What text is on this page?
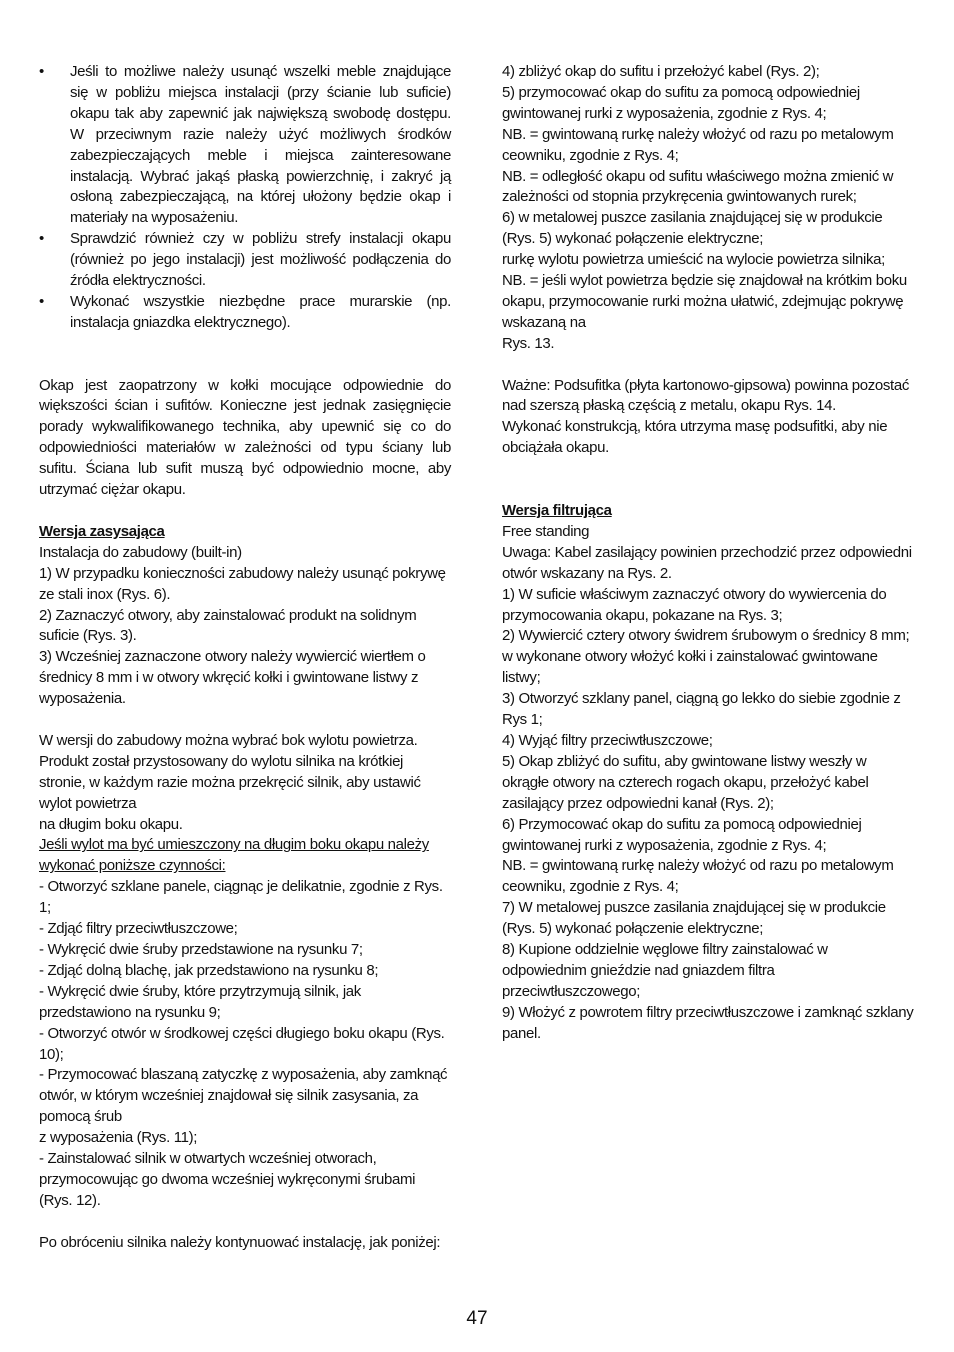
• Jeśli to możliwe należy usunąć wszelki meble znajdujące się w pobliżu miejsca instalacji (przy ścianie lub suficie) okapu tak aby zapewnić jak największą swobodę dostępu. W przeciwnym razie należy użyć możliwych środków zabezpieczających meble i miejsca zainteresowane instalacją. Wybrać jakąś płaską powierzchnię, i zakryć ją osłoną zabezpieczającą, na której ułożony będzie okap i materiały na wyposażeniu.
• Sprawdzić również czy w pobliżu strefy instalacji okapu (również po jego instalacji) jest możliwość podłączenia do źródła elektryczności.
• Wykonać wszystkie niezbędne prace murarskie (np. instalacja gniazdka elektrycznego).

Okap jest zaopatrzony w kołki mocujące odpowiednie do większości ścian i sufitów. Konieczne jest jednak zasięgnięcie porady wykwalifikowanego technika, aby upewnić się co do odpowiedniości materiałów w zależności od typu ściany lub sufitu. Ściana lub sufit muszą być odpowiednio mocne, aby utrzymać ciężar okapu.

Wersja zasysająca

Instalacja do zabudowy (built-in)

1) W przypadku konieczności zabudowy należy usunąć pokrywę ze stali inox (Rys. 6).

2) Zaznaczyć otwory, aby zainstalować produkt na solidnym suficie (Rys. 3).

3) Wcześniej zaznaczone otwory należy wywiercić wiertłem o średnicy 8 mm i w otwory wkręcić kołki i gwintowane listwy z wyposażenia.

W wersji do zabudowy można wybrać bok wylotu powietrza. Produkt został przystosowany do wylotu silnika na krótkiej stronie, w każdym razie można przekręcić silnik, aby ustawić wylot powietrza

na długim boku okapu.

Jeśli wylot ma być umieszczony na długim boku okapu należy wykonać poniższe czynności:

- Otworzyć szklane panele, ciągnąc je delikatnie, zgodnie z Rys. 1;

- Zdjąć filtry przeciwtłuszczowe;

- Wykręcić dwie śruby przedstawione na rysunku 7;

- Zdjąć dolną blachę, jak przedstawiono na rysunku 8;

- Wykręcić dwie śruby, które przytrzymują silnik, jak przedstawiono na rysunku 9;

- Otworzyć otwór w środkowej części długiego boku okapu (Rys. 10);

- Przymocować blaszaną zatyczkę z wyposażenia, aby zamknąć otwór, w którym wcześniej znajdował się silnik zasysania, za pomocą śrub

z wyposażenia (Rys. 11);

- Zainstalować silnik w otwartych wcześniej otworach, przymocowując go dwoma wcześniej wykręconymi śrubami (Rys. 12).

Po obróceniu silnika należy kontynuować instalację, jak poniżej:

4) zbliżyć okap do sufitu i przełożyć kabel (Rys. 2);

5) przymocować okap do sufitu za pomocą odpowiedniej gwintowanej rurki z wyposażenia, zgodnie z Rys. 4;

NB. = gwintowaną rurkę należy włożyć od razu po metalowym ceowniku, zgodnie z Rys. 4;

NB. = odległość okapu od sufitu właściwego można zmienić w zależności od stopnia przykręcenia gwintowanych rurek;

6) w metalowej puszce zasilania znajdującej się w produkcie (Rys. 5) wykonać połączenie elektryczne;

rurkę wylotu powietrza umieścić na wylocie powietrza silnika;

NB. = jeśli wylot powietrza będzie się znajdował na krótkim boku okapu, przymocowanie rurki można ułatwić, zdejmując pokrywę wskazaną na

Rys. 13.

Ważne: Podsufitka (płyta kartonowo-gipsowa) powinna pozostać nad szerszą płaską częścią z metalu, okapu Rys. 14.

Wykonać konstrukcją, która utrzyma masę podsufitki, aby nie obciążała okapu.

Wersja filtrująca

Free standing

Uwaga: Kabel zasilający powinien przechodzić przez odpowiedni otwór wskazany na Rys. 2.

1) W suficie właściwym zaznaczyć otwory do wywiercenia do przymocowania okapu, pokazane na Rys. 3;

2) Wywiercić cztery otwory świdrem śrubowym o średnicy 8 mm; w wykonane otwory włożyć kołki i zainstalować gwintowane listwy;

3) Otworzyć szklany panel, ciągną go lekko do siebie zgodnie z Rys 1;

4) Wyjąć filtry przeciwtłuszczowe;

5) Okap zbliżyć do sufitu, aby gwintowane listwy weszły w okrągłe otwory na czterech rogach okapu, przełożyć kabel zasilający przez odpowiedni kanał (Rys. 2);

6) Przymocować okap do sufitu za pomocą odpowiedniej gwintowanej rurki z wyposażenia, zgodnie z Rys. 4;

NB. = gwintowaną rurkę należy włożyć od razu po metalowym ceowniku, zgodnie z Rys. 4;

7) W metalowej puszce zasilania znajdującej się w produkcie (Rys. 5) wykonać połączenie elektryczne;

8) Kupione oddzielnie węglowe filtry zainstalować w odpowiednim gnieździe nad gniazdem filtra przeciwtłuszczowego;

9) Włożyć z powrotem filtry przeciwtłuszczowe i zamknąć szklany panel.

47
